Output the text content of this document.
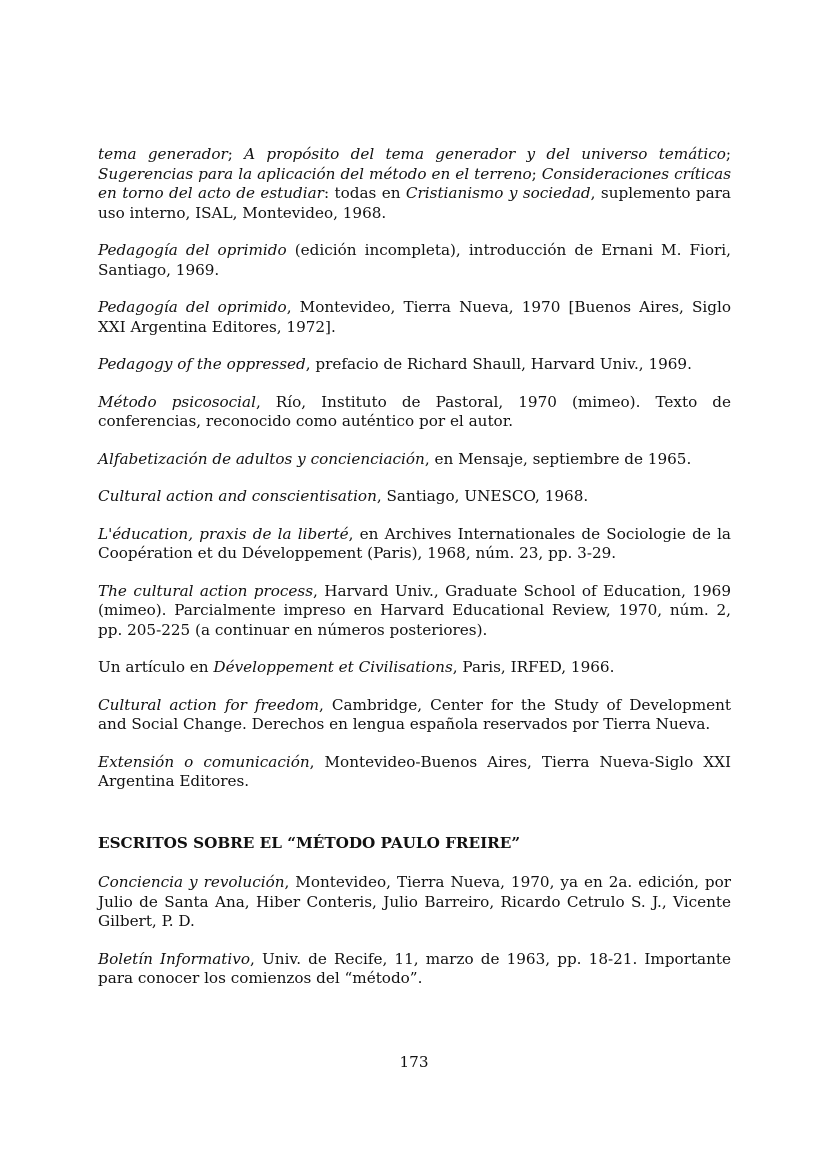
tema generador; A propósito del tema generador y del universo temático; Sugerencias para la aplicación del método en el terreno; Consideraciones críticas en torno del acto de estudiar: todas en Cristianismo y sociedad, suplemento para uso interno, ISAL, Montevideo, 1968.

Pedagogía del oprimido (edición incompleta), introducción de Ernani M. Fiori, Santiago, 1969.

Pedagogía del oprimido, Montevideo, Tierra Nueva, 1970 [Buenos Aires, Siglo XXI Argentina Editores, 1972].

Pedagogy of the oppressed, prefacio de Richard Shaull, Harvard Univ., 1969.

Método psicosocial, Río, Instituto de Pastoral, 1970 (mimeo). Texto de conferencias, reconocido como auténtico por el autor.

Alfabetización de adultos y concienciación, en Mensaje, septiembre de 1965.

Cultural action and conscientisation, Santiago, UNESCO, 1968.

L'éducation, praxis de la liberté, en Archives Internationales de Sociologie de la Coopération et du Développement (Paris), 1968, núm. 23, pp. 3-29.

The cultural action process, Harvard Univ., Graduate School of Education, 1969 (mimeo). Parcialmente impreso en Harvard Educational Review, 1970, núm. 2, pp. 205-225 (a continuar en números posteriores).

Un artículo en Développement et Civilisations, Paris, IRFED, 1966.

Cultural action for freedom, Cambridge, Center for the Study of Development and Social Change. Derechos en lengua española reservados por Tierra Nueva.

Extensión o comunicación, Montevideo-Buenos Aires, Tierra Nueva-Siglo XXI Argentina Editores.

ESCRITOS SOBRE EL “MÉTODO PAULO FREIRE”

Conciencia y revolución, Montevideo, Tierra Nueva, 1970, ya en 2a. edición, por Julio de Santa Ana, Hiber Conteris, Julio Barreiro, Ricardo Cetrulo S. J., Vicente Gilbert, P. D.

Boletín Informativo, Univ. de Recife, 11, marzo de 1963, pp. 18-21. Importante para conocer los comienzos del “método”.

173
